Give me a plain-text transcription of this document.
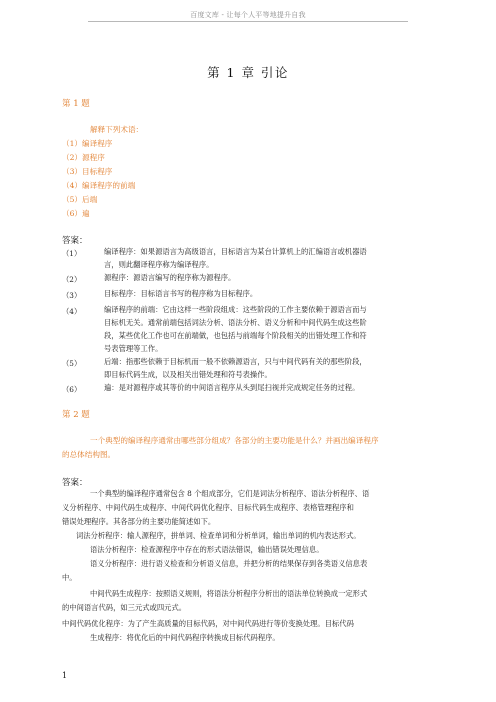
百度文库 - 让每个人平等地提升自我
第 1 章 引论
第 1 题
解释下列术语：
（1）编译程序
（2）源程序
（3）目标程序
（4）编译程序的前端
（5）后端
（6）遍
答案：
（1）	编译程序：如果源语言为高级语言，目标语言为某台计算机上的汇编语言或机器语
言，则此翻译程序称为编译程序。
（2）	源程序：源语言编写的程序称为源程序。
（3）	目标程序：目标语言书写的程序称为目标程序。
（4）	编译程序的前端：它由这样一些阶段组成：这些阶段的工作主要依赖于源语言而与
目标机无关。通常前端包括词法分析、语法分析、语义分析和中间代码生成这些阶
段，某些优化工作也可在前端做，也包括与前端每个阶段相关的出错处理工作和符
号表管理等工作。
（5）	后端：指那些依赖于目标机而一般不依赖源语言，只与中间代码有关的那些阶段，
即目标代码生成，以及相关出错处理和符号表操作。
（6）	遍：是对源程序或其等价的中间语言程序从头到尾扫视并完成规定任务的过程。
第 2 题
一个典型的编译程序通常由哪些部分组成？各部分的主要功能是什么？并画出编译程序
的总体结构图。
答案：
一个典型的编译程序通常包含 8 个组成部分，它们是词法分析程序、语法分析程序、语
义分析程序、中间代码生成程序、中间代码优化程序、目标代码生成程序、表格管理程序和
错误处理程序。其各部分的主要功能简述如下。
词法分析程序：输人源程序，拼单词、检查单词和分析单词，输出单词的机内表达形式。
语法分析程序：检查源程序中存在的形式语法错误，输出错误处理信息。
语义分析程序：进行语义检查和分析语义信息，并把分析的结果保存到各类语义信息表
中。
中间代码生成程序：按照语义规则，将语法分析程序分析出的语法单位转换成一定形式
的中间语言代码，如三元式或四元式。
中间代码优化程序：为了产生高质量的目标代码，对中间代码进行等价变换处理。目标代码
生成程序：将优化后的中间代码程序转换成目标代码程序。
1
